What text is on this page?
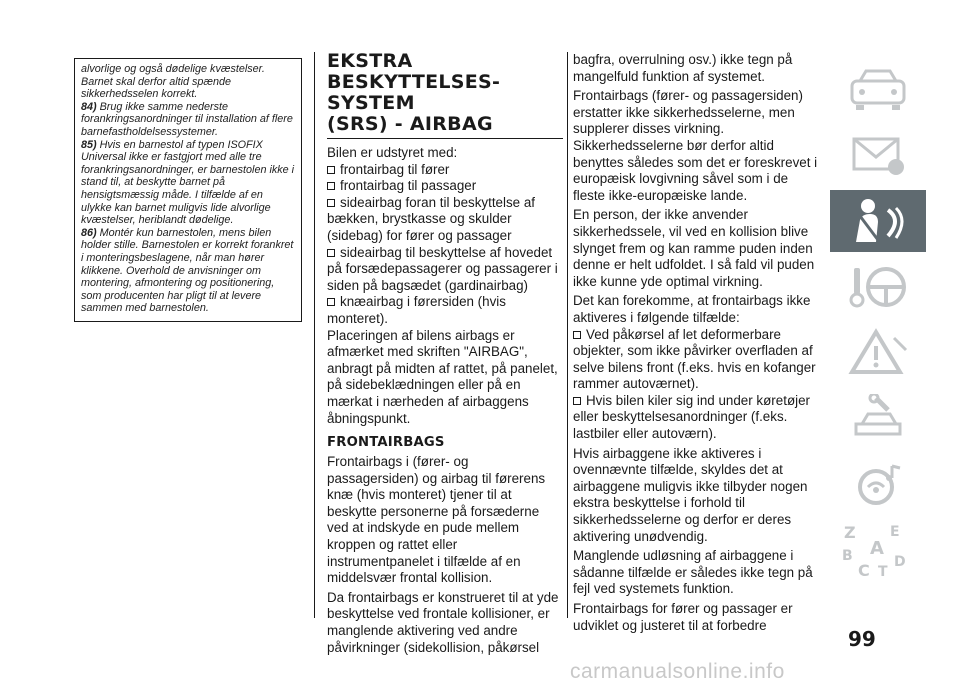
alvorlige og også dødelige kvæstelser. Barnet skal derfor altid spænde sikkerhedsselen korrekt.

84) Brug ikke samme nederste forankringsanordninger til installation af flere barnefastholdelsessystemer.

85) Hvis en barnestol af typen ISOFIX Universal ikke er fastgjort med alle tre forankringsanordninger, er barnestolen ikke i stand til, at beskytte barnet på hensigtsmæssig måde. I tilfælde af en ulykke kan barnet muligvis lide alvorlige kvæstelser, heriblandt dødelige.

86) Montér kun barnestolen, mens bilen holder stille. Barnestolen er korrekt forankret i monteringsbeslagene, når man hører klikkene. Overhold de anvisninger om montering, afmontering og positionering, som producenten har pligt til at levere sammen med barnestolen.

EKSTRA
BESKYTTELSES-
SYSTEM
(SRS) - AIRBAG

Bilen er udstyret med:

frontairbag til fører

frontairbag til passager

sideairbag foran til beskyttelse af bækken, brystkasse og skulder (sidebag) for fører og passager

sideairbag til beskyttelse af hovedet på forsædepassagerer og passagerer i siden på bagsædet (gardinairbag)

knæairbag i førersiden (hvis monteret).

Placeringen af bilens airbags er afmærket med skriften "AIRBAG", anbragt på midten af rattet, på panelet, på sidebeklædningen eller på en mærkat i nærheden af airbaggens åbningspunkt.

FRONTAIRBAGS

Frontairbags i (fører- og passagersiden) og airbag til førerens knæ (hvis monteret) tjener til at beskytte personerne på forsæderne ved at indskyde en pude mellem kroppen og rattet eller instrumentpanelet i tilfælde af en middelsvær frontal kollision.

Da frontairbags er konstrueret til at yde beskyttelse ved frontale kollisioner, er manglende aktivering ved andre påvirkninger (sidekollision, påkørsel

bagfra, overrulning osv.) ikke tegn på mangelfuld funktion af systemet.

Frontairbags (fører- og passagersiden) erstatter ikke sikkerhedsselerne, men supplerer disses virkning. Sikkerhedsselerne bør derfor altid benyttes således som det er foreskrevet i europæisk lovgivning såvel som i de fleste ikke-europæiske lande.

En person, der ikke anvender sikkerhedssele, vil ved en kollision blive slynget frem og kan ramme puden inden denne er helt udfoldet. I så fald vil puden ikke kunne yde optimal virkning.

Det kan forekomme, at frontairbags ikke aktiveres i følgende tilfælde:

Ved påkørsel af let deformerbare objekter, som ikke påvirker overfladen af selve bilens front (f.eks. hvis en kofanger rammer autoværnet).

Hvis bilen kiler sig ind under køretøjer eller beskyttelsesanordninger (f.eks. lastbiler eller autoværn).

Hvis airbaggene ikke aktiveres i ovennævnte tilfælde, skyldes det at airbaggene muligvis ikke tilbyder nogen ekstra beskyttelse i forhold til sikkerhedsselerne og derfor er deres aktivering unødvendig.

Manglende udløsning af airbaggene i sådanne tilfælde er således ikke tegn på fejl ved systemets funktion.

Frontairbags for fører og passager er udviklet og justeret til at forbedre

Z E
A
B
C D
T
99
carmanualsonline.info
